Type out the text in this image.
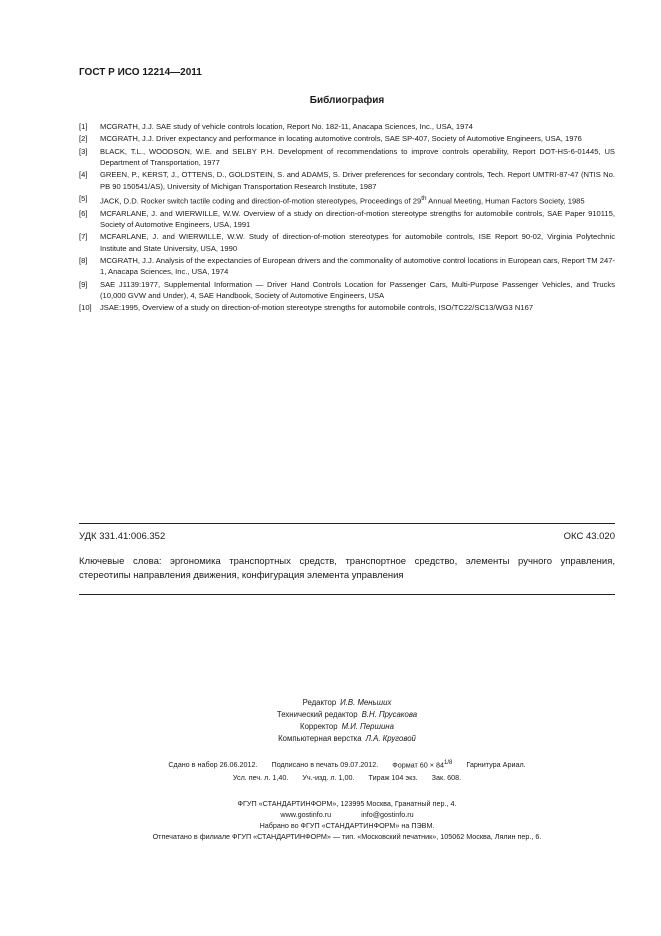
ГОСТ Р ИСО 12214—2011
Библиография
[1]	MCGRATH, J.J. SAE study of vehicle controls location, Report No. 182-11, Anacapa Sciences, Inc., USA, 1974
[2]	MCGRATH, J.J. Driver expectancy and performance in locating automotive controls, SAE SP-407, Society of Automotive Engineers, USA, 1976
[3]	BLACK, T.L., WOODSON, W.E. and SELBY P.H. Development of recommendations to improve controls operability, Report DOT-HS-6-01445, US Department of Transportation, 1977
[4]	GREEN, P., KERST, J., OTTENS, D., GOLDSTEIN, S. and ADAMS, S. Driver preferences for secondary controls, Tech. Report UMTRI-87-47 (NTIS No. PB 90 150541/AS), University of Michigan Transportation Research Institute, 1987
[5]	JACK, D.D. Rocker switch tactile coding and direction-of-motion stereotypes, Proceedings of 29th Annual Meeting, Human Factors Society, 1985
[6]	MCFARLANE, J. and WIERWILLE, W.W. Overview of a study on direction-of-motion stereotype strengths for automobile controls, SAE Paper 910115, Society of Automotive Engineers, USA, 1991
[7]	MCFARLANE, J. and WIERWILLE, W.W. Study of direction-of-motion stereotypes for automobile controls, ISE Report 90-02, Virginia Polytechnic Institute and State University, USA, 1990
[8]	MCGRATH, J.J. Analysis of the expectancies of European drivers and the commonality of automotive control locations in European cars, Report TM 247-1, Anacapa Sciences, Inc., USA, 1974
[9]	SAE J1139:1977, Supplemental Information — Driver Hand Controls Location for Passenger Cars, Multi-Purpose Passenger Vehicles, and Trucks (10,000 GVW and Under), 4, SAE Handbook, Society of Automotive Engineers, USA
[10]	JSAE:1995, Overview of a study on direction-of-motion stereotype strengths for automobile controls, ISO/TC22/SC13/WG3 N167
УДК 331.41:006.352	ОКС 43.020
Ключевые слова: эргономика транспортных средств, транспортное средство, элементы ручного управления, стереотипы направления движения, конфигурация элемента управления
Редактор И.В. Меньших
Технический редактор В.Н. Прусакова
Корректор М.И. Першина
Компьютерная верстка Л.А. Круговой
Сдано в набор 26.06.2012. Подписано в печать 09.07.2012. Формат $60 \times 84^{1/8}$ Гарнитура Ариал.
Усл. печ. л. 1,40. Уч.-изд. л. 1,00. Тираж 104 экз. Зак. 608.
ФГУП «СТАНДАРТИНФОРМ», 123995 Москва, Гранатный пер., 4.
www.gostinfo.ru	info@gostinfo.ru
Набрано во ФГУП «СТАНДАРТИНФОРМ» на ПЭВМ.
Отпечатано в филиале ФГУП «СТАНДАРТИНФОРМ» — тип. «Московский печатник», 105062 Москва, Лялин пер., 6.
